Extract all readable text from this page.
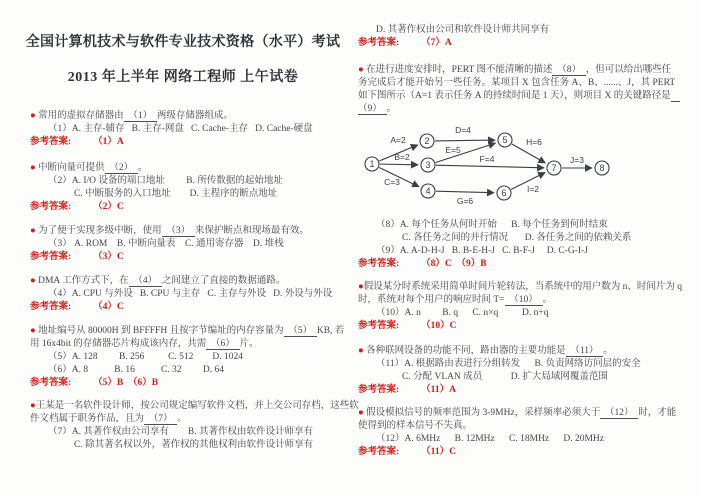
全国计算机技术与软件专业技术资格（水平）考试
2013 年上半年 网络工程师 上午试卷
● 常用的虚拟存储器由　（1）　两级存储器组成。
（1）A. 主存-辅存   B. 主存-网盘   C. Cache-主存   D. Cache-硬盘
参考答案: （1）A
● 中断向量可提供　（2）　。
（2）A. I/O 设备的端口地址         B. 所传数据的起始地址
C. 中断服务的入口地址        D. 主程序的断点地址
参考答案: （2）C
● 为了便于实现多级中断，使用　（3）　来保护断点和现场最有效。
（3） A. ROM    B. 中断向量表    C. 通用寄存器    D. 堆栈
参考答案: （3）C
● DMA 工作方式下，在　（4）　之间建立了直接的数据通路。
（4）A. CPU 与外设   B. CPU 与主存   C. 主存与外设   D. 外设与外设
参考答案: （4）C
● 地址编号从 80000H 到 BFFFFH 且按字节编址的内存容量为　（5）　KB, 若
用 16x4bit 的存储器芯片构成该内存，共需　（6）　片。
（5）A. 128         B. 256          C. 512        D. 1024
（6）A. 8           B. 16           C. 32         D. 64
参考答案: （5）B　（6）B
●王某是一名软件设计师，按公司规定编写软件文档，并上交公司存档，这些软
件文档属于职务作品，且为　（7）　。
（7）A. 其著作权由公司享有        B. 其著作权由软件设计师享有
C. 除其著名权以外，著作权的其他权利由软件设计师享有
D. 其著作权由公司和软件设计师共同享有
参考答案: （7）A
● 在进行进度安排时，PERT 图不能清晰的描述　（8）　，但可以给出哪些任
务完成后才能开始另一些任务。某项目 X 包含任务 A、B、......、J，其 PERT
如下图所示（A=1 表示任务 A 的持续时间是 1 天），则项目 X 的关键路径是　
（9）　。
A=2
B=2
C=3
D=4
E=5
F=4
G=6
H=6
I=2
J=3
1
2
3
4
5
6
7	8
（8）A. 每个任务从何时开始      B. 每个任务到何时结束
C. 各任务之间的并行情况       D. 各任务之间的依赖关系
（9）A. A-D-H-J   B. B-E-H-J   C. B-F-J     D. C-G-I-J
参考答案: （8）C　（9）B
●假设某分时系统采用简单时间片轮转法，当系统中的用户数为 n、时间片为 q
时，系统对每个用户的响应时间 T=　（10）　。
（10）A. n         B. q      C. n×q          D. n+q
参考答案: （10）C
● 各种联网设备的功能不同，路由器的主要功能是　（11）　。
（11）A. 根据路由表进行分组转发      B. 负责网络访问层的安全
C. 分配 VLAN 成员            D. 扩大局域网覆盖范围
参考答案: （11）A
● 假设模拟信号的频率范围为 3-9MHz，采样频率必须大于　（12）　时，才能
使得到的样本信号不失真。
（12）A. 6MHz      B. 12MHz      C. 18MHz      D. 20MHz
参考答案: （11）C
